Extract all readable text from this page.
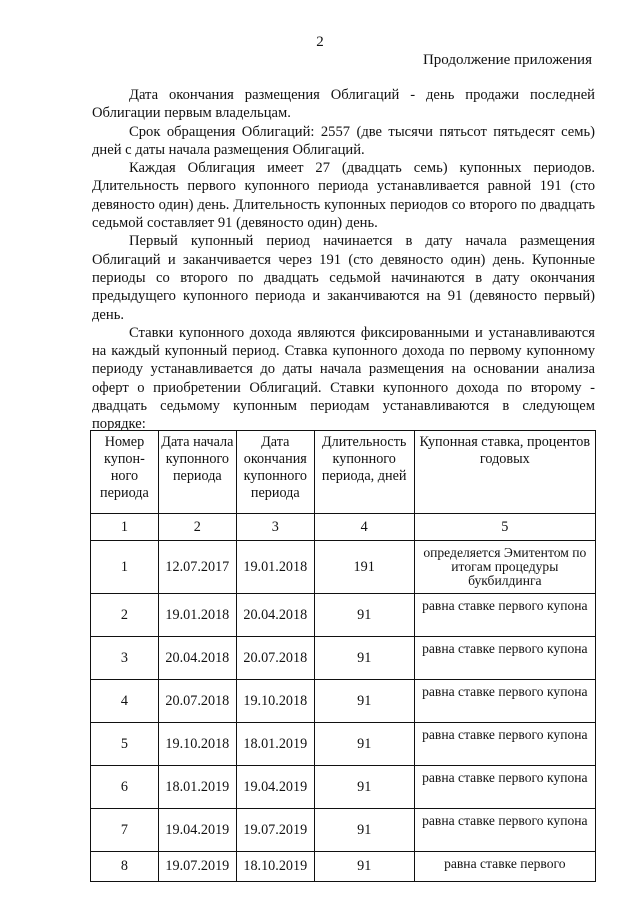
2
Продолжение приложения

Дата окончания размещения Облигаций - день продажи последней Облигации первым владельцам.

Срок обращения Облигаций: 2557 (две тысячи пятьсот пятьдесят семь) дней с даты начала размещения Облигаций.

Каждая Облигация имеет 27 (двадцать семь) купонных периодов. Длительность первого купонного периода устанавливается равной 191 (сто девяносто один) день. Длительность купонных периодов со второго по двадцать седьмой составляет 91 (девяносто один) день.

Первый купонный период начинается в дату начала размещения Облигаций и заканчивается через 191 (сто девяносто один) день. Купонные периоды со второго по двадцать седьмой начинаются в дату окончания предыдущего купонного периода и заканчиваются на 91 (девяносто первый) день.

Ставки купонного дохода являются фиксированными и устанавливаются на каждый купонный период. Ставка купонного дохода по первому купонному периоду устанавливается до даты начала размещения на основании анализа оферт о приобретении Облигаций. Ставки купонного дохода по второму - двадцать седьмому купонным периодам устанавливаются в следующем порядке:

Номер купон-ного периода	Дата начала купонного периода	Дата окончания купонного периода	Длительность купонного периода, дней	Купонная ставка, процентов годовых
1	2	3	4	5
1	12.07.2017	19.01.2018	191	определяется Эмитентом по итогам процедуры букбилдинга
2	19.01.2018	20.04.2018	91	равна ставке первого купона
3	20.04.2018	20.07.2018	91	равна ставке первого купона
4	20.07.2018	19.10.2018	91	равна ставке первого купона
5	19.10.2018	18.01.2019	91	равна ставке первого купона
6	18.01.2019	19.04.2019	91	равна ставке первого купона
7	19.04.2019	19.07.2019	91	равна ставке первого купона
8	19.07.2019	18.10.2019	91	равна ставке первого
